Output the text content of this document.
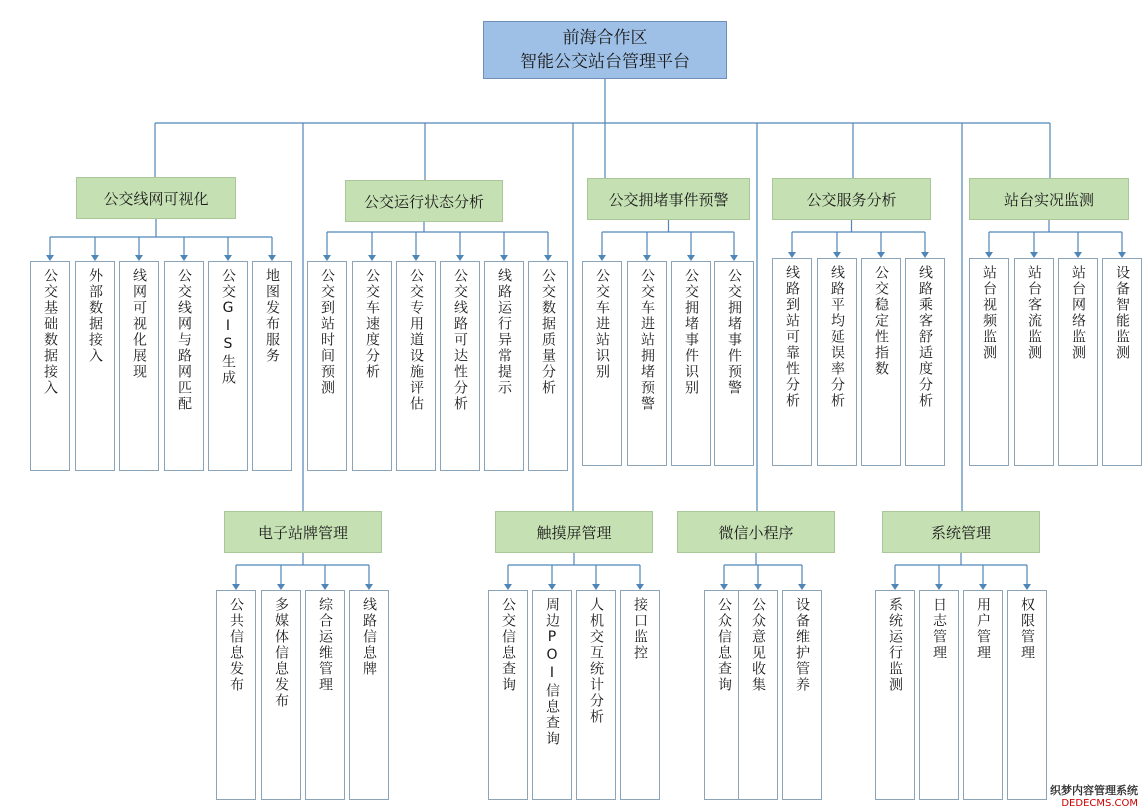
公交线网可视化
公交基础数据接入 外部数据接入 线网可视化展现 公交线网与路网匹配 公交GIS生成 地图发布服务
公交运行状态分析
公交到站时间预测 公交车速度分析 公交专用道设施评估 公交线路可达性分析 线路运行异常提示 公交数据质量分析
公交拥堵事件预警
公交车进站识别 公交车进站拥堵预警 公交拥堵事件识别 公交拥堵事件预警
公交服务分析
线路到站可靠性分析 线路平均延误率分析 公交稳定性指数 线路乘客舒适度分析
站台实况监测
站台视频监测 站台客流监测 站台网络监测 设备智能监测
电子站牌管理
公共信息发布 多媒体信息发布 综合运维管理 线路信息牌
触摸屏管理
公交信息查询 周边POI信息查询 人机交互统计分析 接口监控
微信小程序
公众信息查询 公众意见收集 设备维护管养
系统管理
系统运行监测 日志管理 用户管理 权限管理
前海合作区
智能公交站台管理平台
织梦内容管理系统
DEDECMS.COM
